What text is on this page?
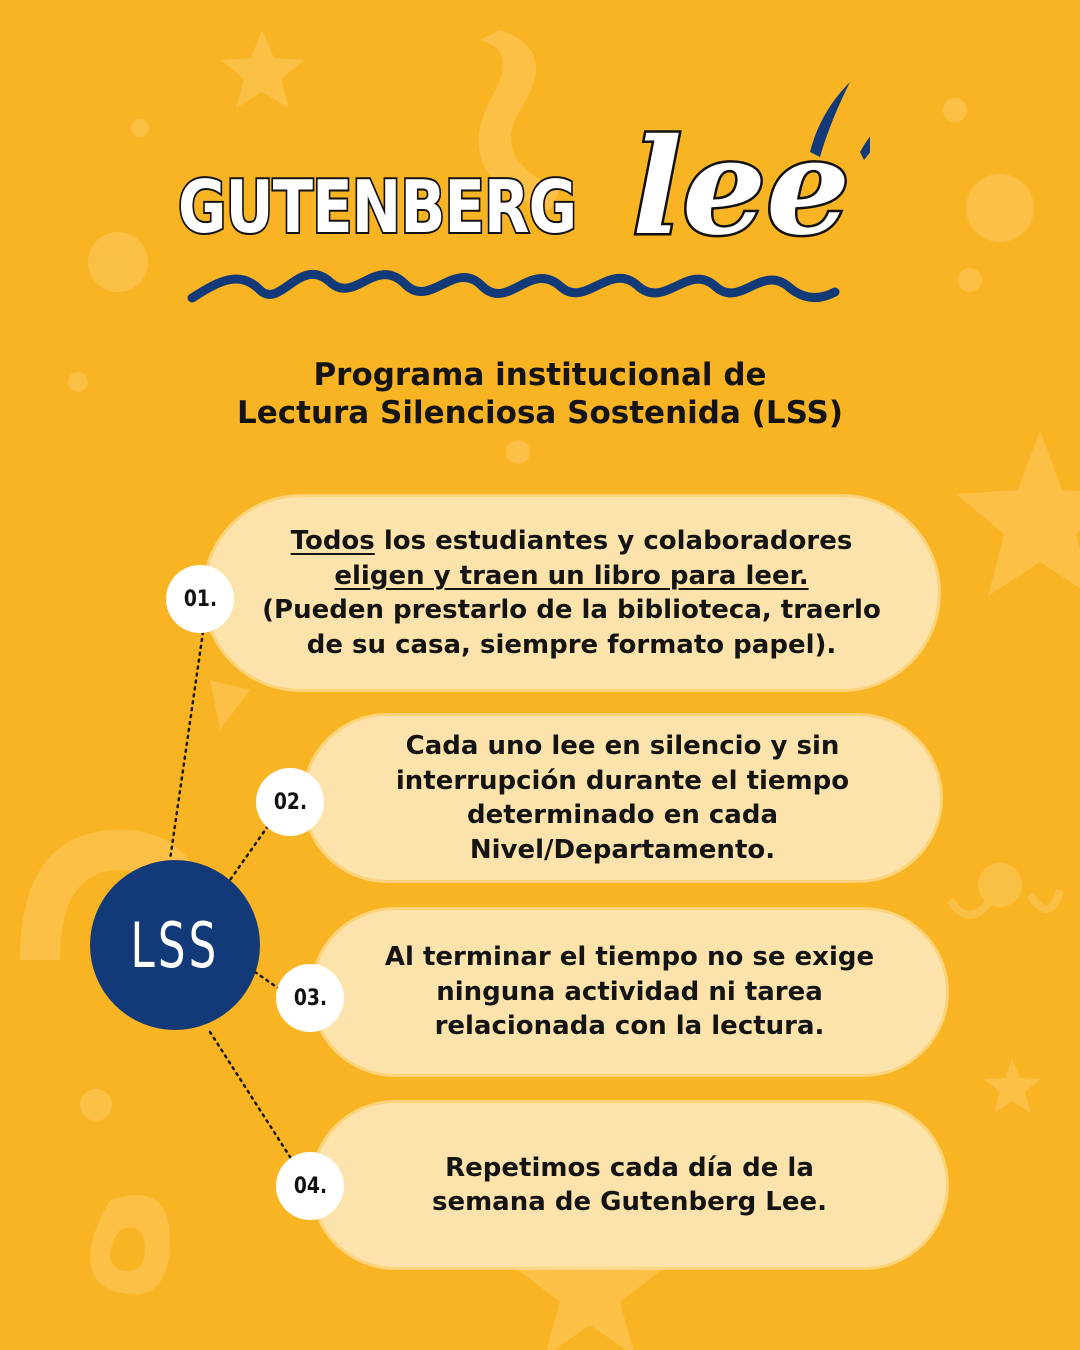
GUTENBERG lee
Programa institucional de
Lectura Silenciosa Sostenida (LSS)
LSS
Todos los estudiantes y colaboradores
eligen y traen un libro para leer.
(Pueden prestarlo de la biblioteca, traerlo
de su casa, siempre formato papel).
01.
Cada uno lee en silencio y sin
interrupción durante el tiempo
determinado en cada
Nivel/Departamento.
02.
Al terminar el tiempo no se exige
ninguna actividad ni tarea
relacionada con la lectura.
03.
Repetimos cada día de la
semana de Gutenberg Lee.
04.
